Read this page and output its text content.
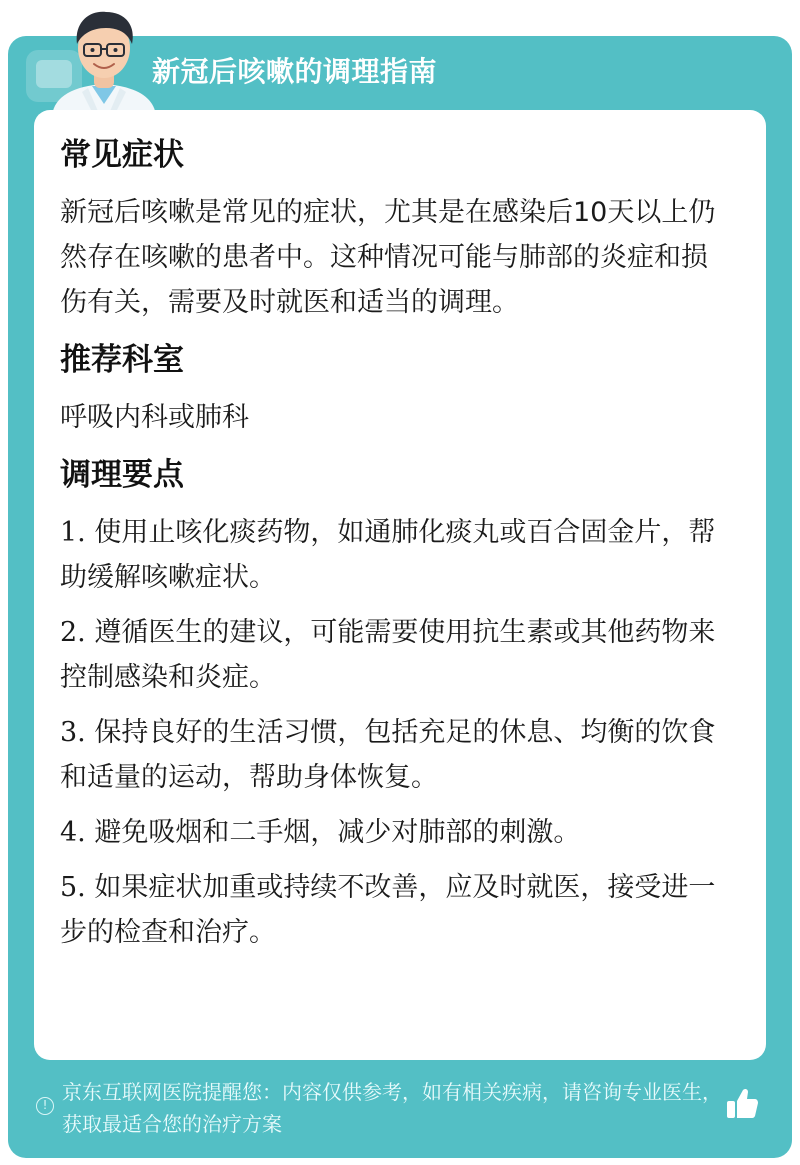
新冠后咳嗽的调理指南
常见症状
新冠后咳嗽是常见的症状，尤其是在感染后10天以上仍然存在咳嗽的患者中。这种情况可能与肺部的炎症和损伤有关，需要及时就医和适当的调理。
推荐科室
呼吸内科或肺科
调理要点
1. 使用止咳化痰药物，如通肺化痰丸或百合固金片，帮助缓解咳嗽症状。
2. 遵循医生的建议，可能需要使用抗生素或其他药物来控制感染和炎症。
3. 保持良好的生活习惯，包括充足的休息、均衡的饮食和适量的运动，帮助身体恢复。
4. 避免吸烟和二手烟，减少对肺部的刺激。
5. 如果症状加重或持续不改善，应及时就医，接受进一步的检查和治疗。
!
京东互联网医院提醒您：内容仅供参考，如有相关疾病，请咨询专业医生，获取最适合您的治疗方案
